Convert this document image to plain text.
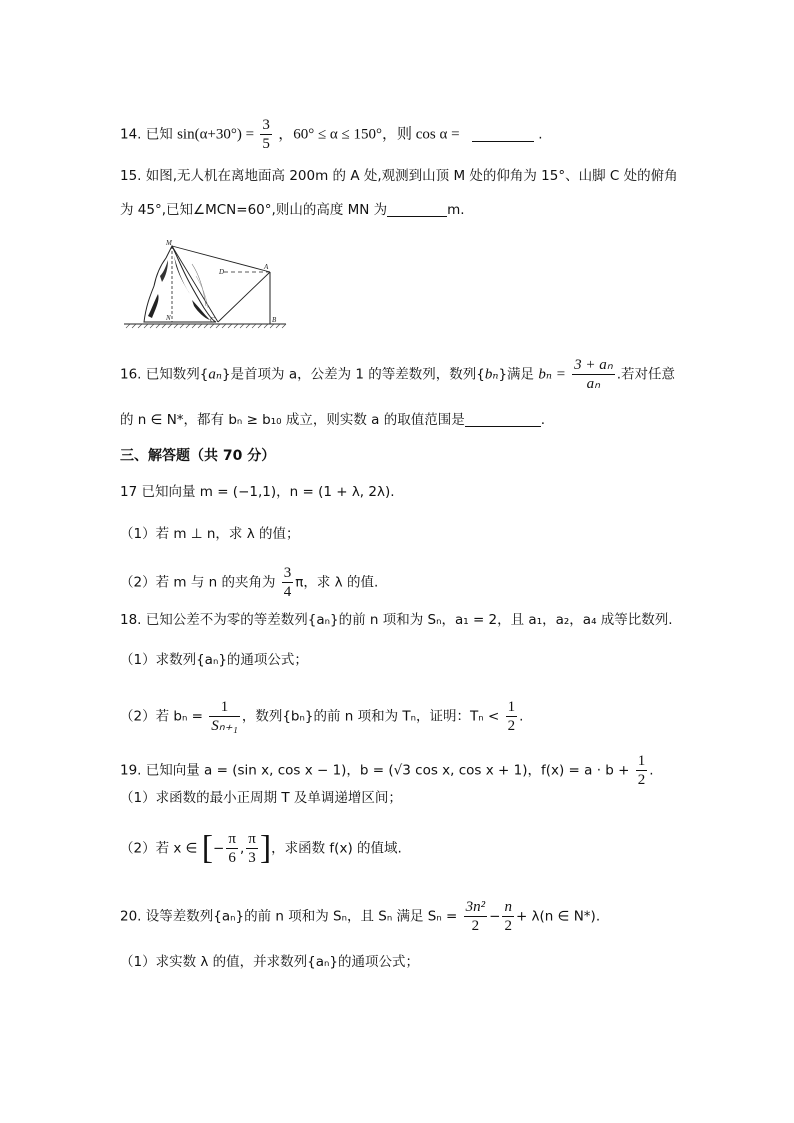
14. 已知 $\sin(\alpha+30^\circ) = \frac{3}{5}$ ，60° ≤ α ≤ 150°，则 cos α =	.
15. 如图,无人机在离地面高 200m 的 A 处,观测到山顶 M 处的仰角为 15°、山脚 C 处的俯角
为 45°,已知∠MCN=60°,则山的高度 MN 为	m.
M
D
A
N	C	B
16. 已知数列{aₙ}是首项为 a，公差为 1 的等差数列，数列{bₙ}满足 $b_n = \frac{\text{3 + aₙ}}{\text{aₙ}}$ .若对任意
的 n ∈ N*，都有 bₙ ≥ b₁₀ 成立，则实数 a 的取值范围是	.
三、解答题（共 70 分）
17 已知向量 m = (−1,1)，n = (1 + λ, 2λ).
（1）若 m ⊥ n，求 λ 的值；
（2）若 m 与 n 的夹角为 $\frac{3}{4}$ π，求 λ 的值.
18. 已知公差不为零的等差数列{aₙ}的前 n 项和为 Sₙ，a₁ = 2，且 a₁，a₂，a₄ 成等比数列.
（1）求数列{aₙ}的通项公式；
（2）若 $b_n = \frac{1}{\text{Sₙ₊₁}}$ ，数列{bₙ}的前 n 项和为 Tₙ，证明：$T_n < \frac{1}{2}$ .
19. 已知向量 a = (sin x, cos x − 1)，b = (√3 cos x, cos x + 1)，$f(x) = a \cdot b + \frac{1}{2}$ .
（1）求函数的最小正周期 T 及单调递增区间；
（2）若 x ∈ [− $\frac{\pi}{6}$ , $\frac{\pi}{3}$ ]，求函数 f(x) 的值域.
20. 设等差数列{aₙ}的前 n 项和为 Sₙ，且 Sₙ 满足 $S_n = \frac{\text{3n²}}{2} - \frac{n}{2} + \lambda(n$ ∈ N*).
（1）求实数 λ 的值，并求数列{aₙ}的通项公式；
